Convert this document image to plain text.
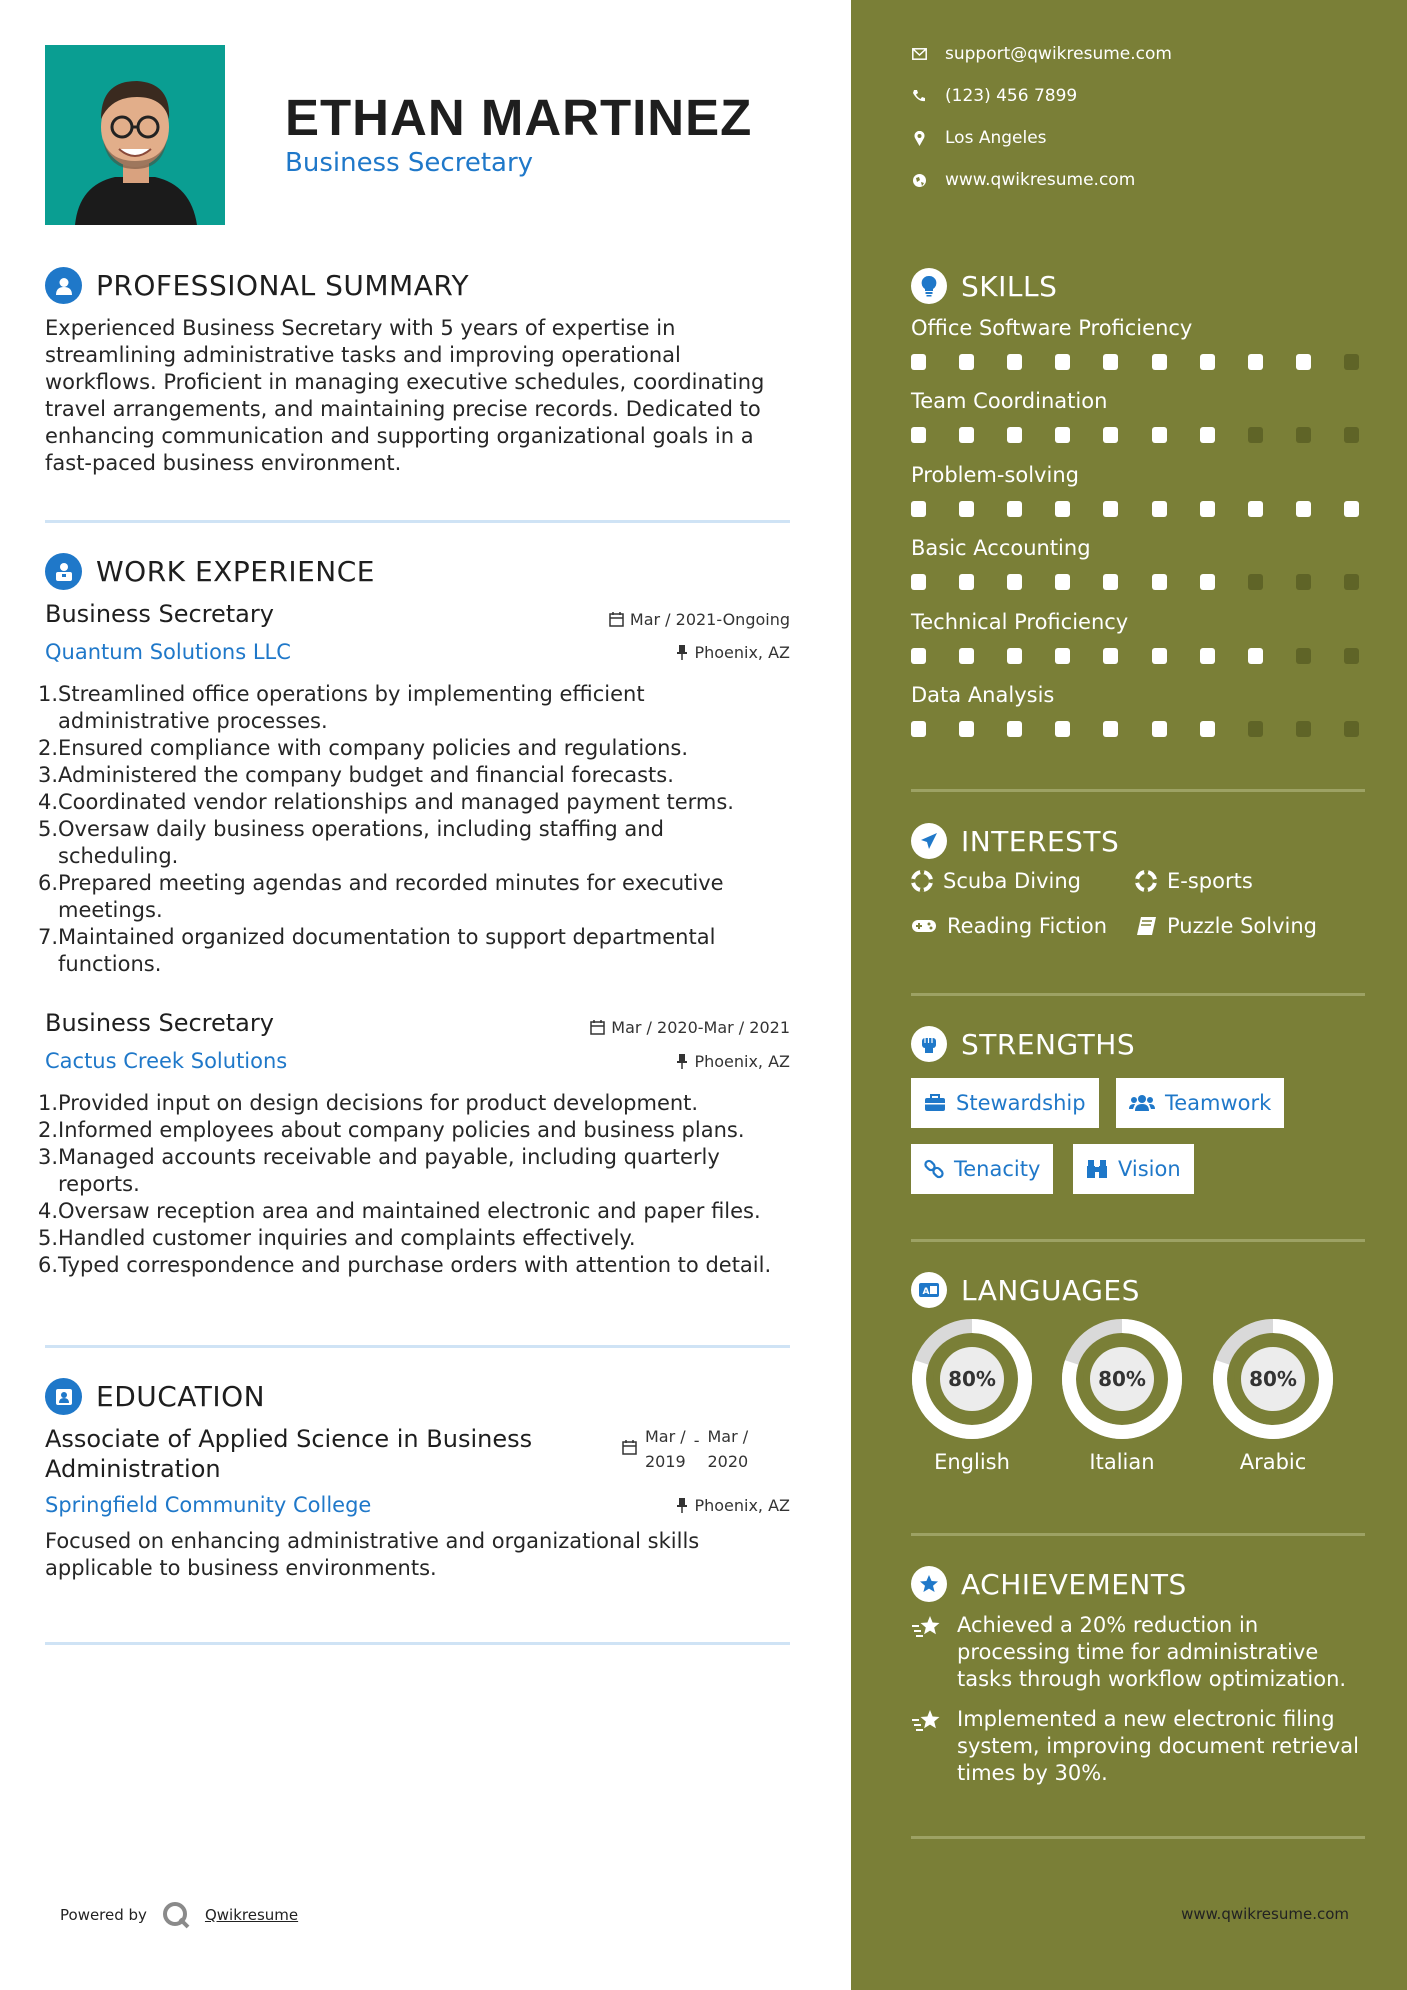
ETHAN MARTINEZ
Business Secretary
PROFESSIONAL SUMMARY
Experienced Business Secretary with 5 years of expertise in streamlining administrative tasks and improving operational workflows. Proficient in managing executive schedules, coordinating travel arrangements, and maintaining precise records. Dedicated to enhancing communication and supporting organizational goals in a fast-paced business environment.
WORK EXPERIENCE
Business Secretary	Mar / 2021-Ongoing
Quantum Solutions LLC	Phoenix, AZ
1. Streamlined office operations by implementing efficient administrative processes.
2. Ensured compliance with company policies and regulations.
3. Administered the company budget and financial forecasts.
4. Coordinated vendor relationships and managed payment terms.
5. Oversaw daily business operations, including staffing and scheduling.
6. Prepared meeting agendas and recorded minutes for executive meetings.
7. Maintained organized documentation to support departmental functions.
Business Secretary	Mar / 2020-Mar / 2021
Cactus Creek Solutions	Phoenix, AZ
1. Provided input on design decisions for product development.
2. Informed employees about company policies and business plans.
3. Managed accounts receivable and payable, including quarterly reports.
4. Oversaw reception area and maintained electronic and paper files.
5. Handled customer inquiries and complaints effectively.
6. Typed correspondence and purchase orders with attention to detail.
EDUCATION
Associate of Applied Science in Business Administration
Mar /
2019
- Mar /
2020
Springfield Community College	Phoenix, AZ
Focused on enhancing administrative and organizational skills applicable to business environments.
Powered by	Qwikresume
support@qwikresume.com
(123) 456 7899
Los Angeles
www.qwikresume.com
SKILLS
Office Software Proficiency
Team Coordination
Problem-solving
Basic Accounting
Technical Proficiency
Data Analysis
INTERESTS
Scuba Diving	E-sports
Reading Fiction	Puzzle Solving
STRENGTHS
Stewardship	Teamwork
Tenacity	Vision
A LANGUAGES
80%
English
80%
Italian
80%
Arabic
ACHIEVEMENTS
Achieved a 20% reduction in processing time for administrative tasks through workflow optimization.
Implemented a new electronic filing system, improving document retrieval times by 30%.
www.qwikresume.com
